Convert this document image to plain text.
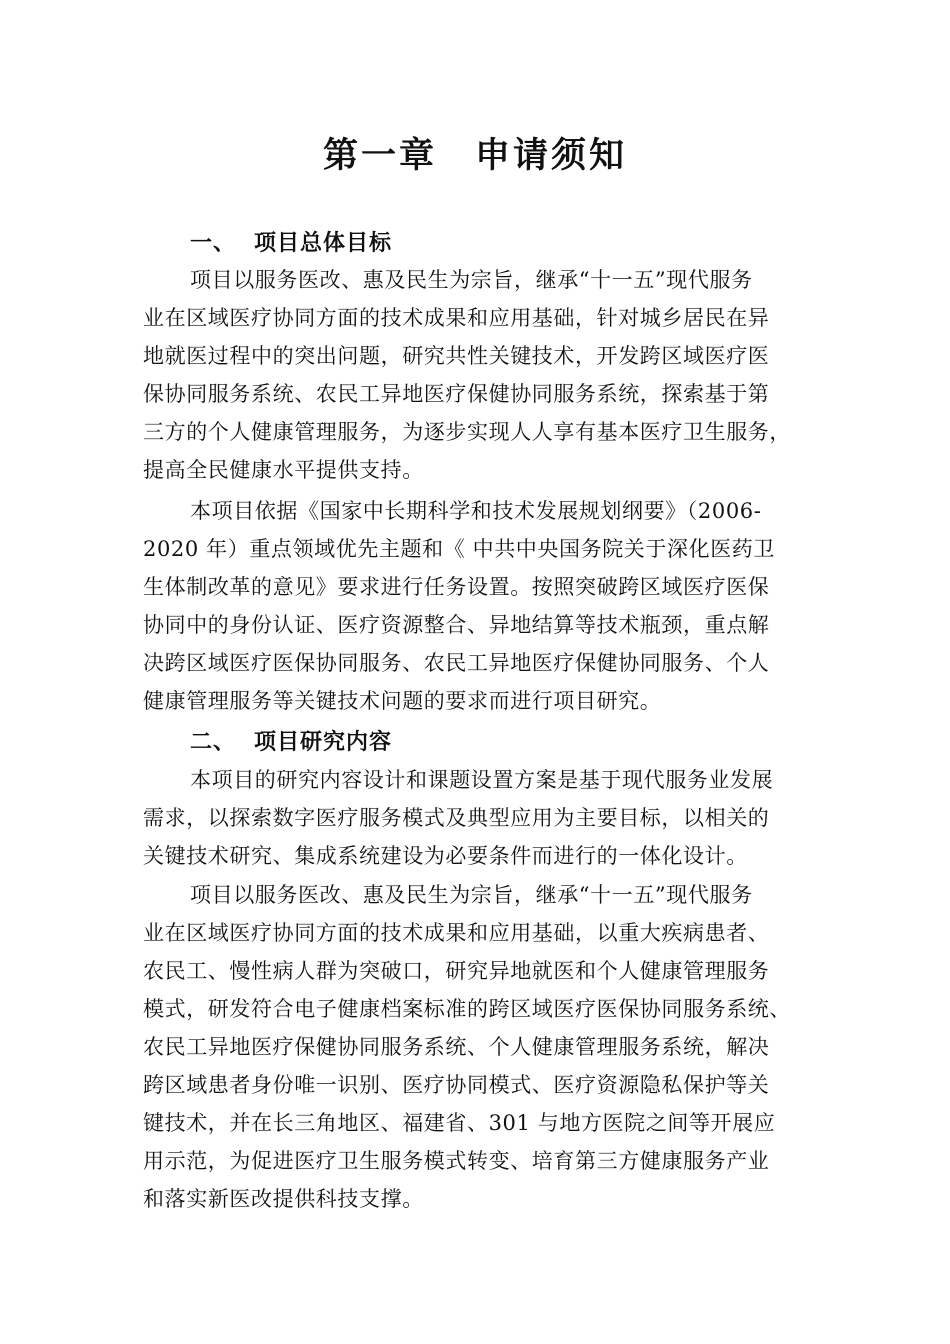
第一章　申请须知
一、 项目总体目标
项目以服务医改、惠及民生为宗旨，继承“十一五”现代服务
业在区域医疗协同方面的技术成果和应用基础，针对城乡居民在异
地就医过程中的突出问题，研究共性关键技术，开发跨区域医疗医
保协同服务系统、农民工异地医疗保健协同服务系统，探索基于第
三方的个人健康管理服务，为逐步实现人人享有基本医疗卫生服务，
提高全民健康水平提供支持。
本项目依据《国家中长期科学和技术发展规划纲要》（2006-
2020 年）重点领域优先主题和《 中共中央国务院关于深化医药卫
生体制改革的意见》要求进行任务设置。按照突破跨区域医疗医保
协同中的身份认证、医疗资源整合、异地结算等技术瓶颈，重点解
决跨区域医疗医保协同服务、农民工异地医疗保健协同服务、个人
健康管理服务等关键技术问题的要求而进行项目研究。
二、 项目研究内容
本项目的研究内容设计和课题设置方案是基于现代服务业发展
需求，以探索数字医疗服务模式及典型应用为主要目标，以相关的
关键技术研究、集成系统建设为必要条件而进行的一体化设计。
项目以服务医改、惠及民生为宗旨，继承“十一五”现代服务
业在区域医疗协同方面的技术成果和应用基础，以重大疾病患者、
农民工、慢性病人群为突破口，研究异地就医和个人健康管理服务
模式，研发符合电子健康档案标准的跨区域医疗医保协同服务系统、
农民工异地医疗保健协同服务系统、个人健康管理服务系统，解决
跨区域患者身份唯一识别、医疗协同模式、医疗资源隐私保护等关
键技术，并在长三角地区、福建省、301 与地方医院之间等开展应
用示范，为促进医疗卫生服务模式转变、培育第三方健康服务产业
和落实新医改提供科技支撑。
